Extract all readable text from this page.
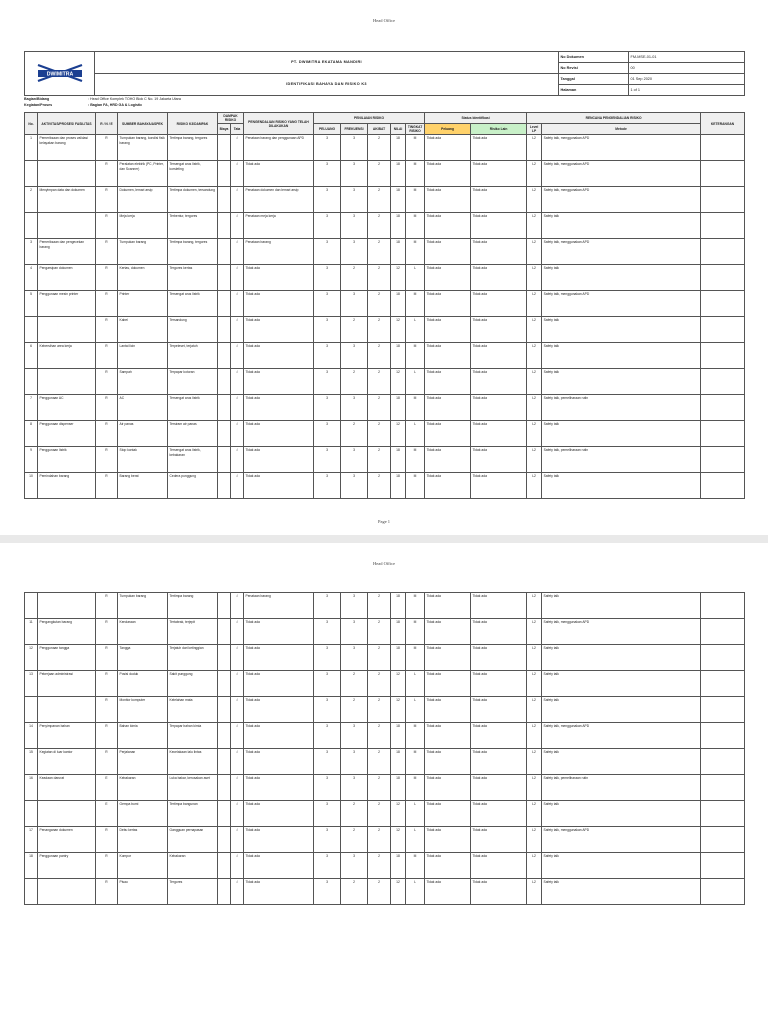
Head Office
DWIMITRA	PT. DWIMITRA EKATAMA MANDIRI	No Dokumen	FM-MSE-01-01
		No Revisi	00
	IDENTIFIKASI BAHAYA DAN RISIKO K3	Tanggal	01 Sep 2020
		Halaman	1 of 1
Bagian/Bidang	: Head Office Komplek TOHO Blok C No. 19 Jakarta Utara
Kegiatan/Proses	: Bagian FA, HRD GA & Logistic
No.	AKTIVITAS/PROSES/ FASILITAS	R / N / E	SUMBER BAHAYA/ASPEK	RISIKO K3/DAMPAK	DAMPAK RISIKO		PENGENDALIAN RISIKO YANG TELAH DILAKUKAN	PENILAIAN RISIKO					Status Identifikasi		RENCANA PENGENDALIAN RISIKO		KETERANGAN
					Biaya	Tata		PELUANG	FREKUENSI	AKIBAT	NILAI	TINGKAT RISIKO	Peluang	Risiko Lain	Level LP	Metode	
1	Pemeriksaan dan proses validasi kelayakan barang	R	Tumpukan barang, kondisi fisik barang	Tertimpa barang, tergores		√	Penataan barang dan penggunaan APD	3	3	2	18	M	Tidak ada	Tidak ada	L2	Safety talk, menggunakan APD	
		R	Peralatan elektrik (PC, Printer, dan Scanner)	Tersengat arus listrik, korsleting		√	Tidak ada	3	3	2	18	M	Tidak ada	Tidak ada	L2	Safety talk, menggunakan APD	
2	Menyimpan data dan dokumen	R	Dokumen, lemari arsip	Tertimpa dokumen, tersandung		√	Penataan dokumen dan lemari arsip	3	3	2	18	M	Tidak ada	Tidak ada	L2	Safety talk, menggunakan APD	
		R	Meja kerja	Terbentur, tergores		√	Penataan meja kerja	3	3	2	18	M	Tidak ada	Tidak ada	L2	Safety talk	
3	Pemeriksaan dan pengecekan barang	R	Tumpukan barang	Tertimpa barang, tergores		√	Penataan barang	3	3	2	18	M	Tidak ada	Tidak ada	L2	Safety talk, menggunakan APD	
4	Pengarsipan dokumen	R	Kertas, dokumen	Tergores kertas		√	Tidak ada	3	2	2	12	L	Tidak ada	Tidak ada	L2	Safety talk	
5	Penggunaan mesin printer	R	Printer	Tersengat arus listrik		√	Tidak ada	3	3	2	18	M	Tidak ada	Tidak ada	L2	Safety talk, menggunakan APD	
		R	Kabel	Tersandung		√	Tidak ada	3	2	2	12	L	Tidak ada	Tidak ada	L2	Safety talk	
6	Kebersihan area kerja	R	Lantai licin	Terpeleset, terjatuh		√	Tidak ada	3	3	2	18	M	Tidak ada	Tidak ada	L2	Safety talk	
		R	Sampah	Terpapar kotoran		√	Tidak ada	3	2	2	12	L	Tidak ada	Tidak ada	L2	Safety talk	
7	Penggunaan AC	R	AC	Tersengat arus listrik		√	Tidak ada	3	3	2	18	M	Tidak ada	Tidak ada	L2	Safety talk, pemeliharaan rutin	
8	Penggunaan dispenser	R	Air panas	Tersiram air panas		√	Tidak ada	3	2	2	12	L	Tidak ada	Tidak ada	L2	Safety talk	
9	Penggunaan listrik	R	Stop kontak	Tersengat arus listrik, kebakaran		√	Tidak ada	3	3	2	18	M	Tidak ada	Tidak ada	L2	Safety talk, pemeliharaan rutin	
10	Pemindahan barang	R	Barang berat	Cedera punggung		√	Tidak ada	3	3	2	18	M	Tidak ada	Tidak ada	L2	Safety talk	
Page 1
Head Office
		R	Tumpukan barang	Tertimpa barang		√	Penataan barang	3	3	2	18	M	Tidak ada	Tidak ada	L2	Safety talk	
11	Pengangkutan barang	R	Kendaraan	Tertabrak, terjepit		√	Tidak ada	3	3	2	18	M	Tidak ada	Tidak ada	L2	Safety talk, menggunakan APD	
12	Penggunaan tangga	R	Tangga	Terjatuh dari ketinggian		√	Tidak ada	3	3	2	18	M	Tidak ada	Tidak ada	L2	Safety talk	
13	Pekerjaan administrasi	R	Posisi duduk	Sakit punggung		√	Tidak ada	3	2	2	12	L	Tidak ada	Tidak ada	L2	Safety talk	
		R	Monitor komputer	Kelelahan mata		√	Tidak ada	3	2	2	12	L	Tidak ada	Tidak ada	L2	Safety talk	
14	Penyimpanan bahan	R	Bahan kimia	Terpapar bahan kimia		√	Tidak ada	3	3	2	18	M	Tidak ada	Tidak ada	L2	Safety talk, menggunakan APD	
15	Kegiatan di luar kantor	R	Perjalanan	Kecelakaan lalu lintas		√	Tidak ada	3	3	2	18	M	Tidak ada	Tidak ada	L2	Safety talk	
16	Keadaan darurat	E	Kebakaran	Luka bakar, kerusakan aset		√	Tidak ada	3	3	2	18	M	Tidak ada	Tidak ada	L2	Safety talk, pemeliharaan rutin	
		E	Gempa bumi	Tertimpa bangunan		√	Tidak ada	3	2	2	12	L	Tidak ada	Tidak ada	L2	Safety talk	
17	Penanganan dokumen	R	Debu kertas	Gangguan pernapasan		√	Tidak ada	3	2	2	12	L	Tidak ada	Tidak ada	L2	Safety talk, menggunakan APD	
18	Penggunaan pantry	R	Kompor	Kebakaran		√	Tidak ada	3	3	2	18	M	Tidak ada	Tidak ada	L2	Safety talk	
		R	Pisau	Tergores		√	Tidak ada	3	2	2	12	L	Tidak ada	Tidak ada	L2	Safety talk	
